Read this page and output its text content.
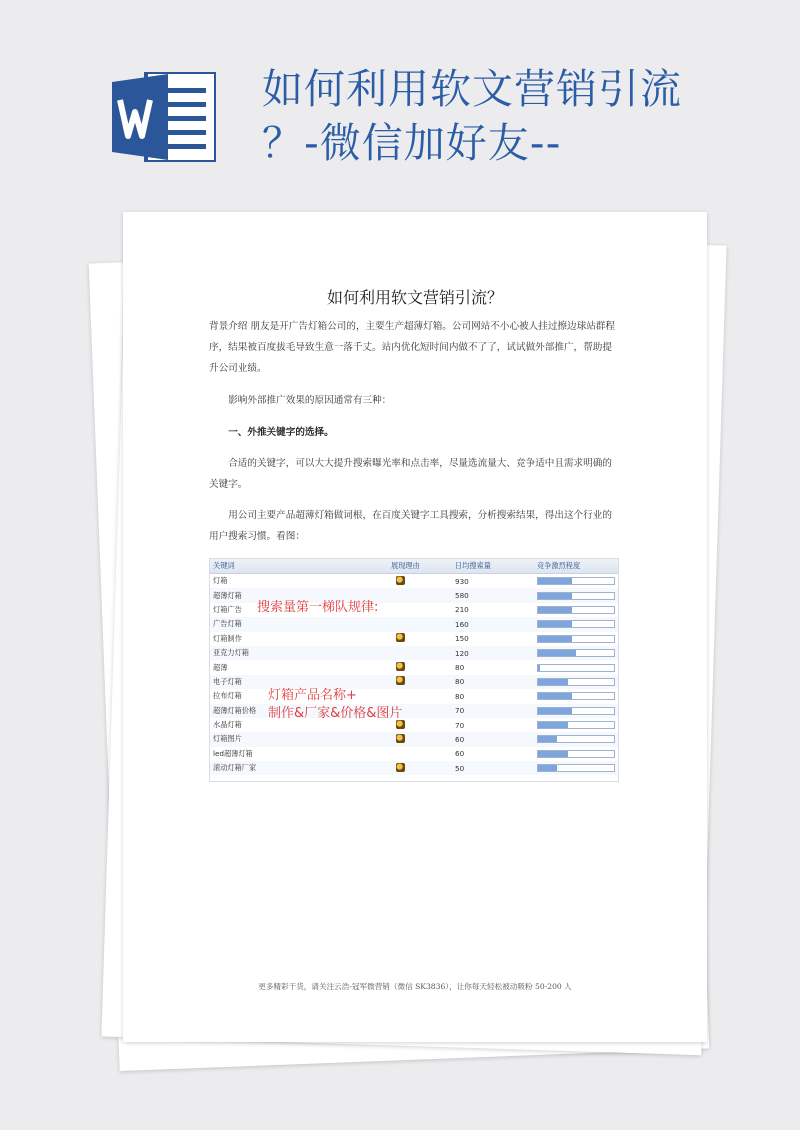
如何利用软文营销引流
？-微信加好友--
如何利用软文营销引流？

背景介绍 朋友是开广告灯箱公司的，主要生产超薄灯箱。公司网站不小心被人挂过擦边球站群程序，结果被百度拔毛导致生意一落千丈。站内优化短时间内做不了了，试试做外部推广，帮助提升公司业绩。

影响外部推广效果的原因通常有三种：

一、外推关键字的选择。

合适的关键字，可以大大提升搜索曝光率和点击率，尽量选流量大、竞争适中且需求明确的关键字。

用公司主要产品超薄灯箱做词根，在百度关键字工具搜索，分析搜索结果，得出这个行业的用户搜索习惯。看图：

关键词	展现理由	日均搜索量	竞争激烈程度
灯箱	930
超薄灯箱	580
灯箱广告	210
广告灯箱	160
灯箱制作	150
亚克力灯箱	120
超薄	80
电子灯箱	80
拉布灯箱	80
超薄灯箱价格	70
水晶灯箱	70
灯箱图片	60
led超薄灯箱	60
滚动灯箱厂家	50
搜索量第一梯队规律:
灯箱产品名称+
制作&厂家&价格&图片
更多精彩干货，请关注云浩-冠军微营销（微信 SK3836），让你每天轻松被动吸粉 50-200 人
